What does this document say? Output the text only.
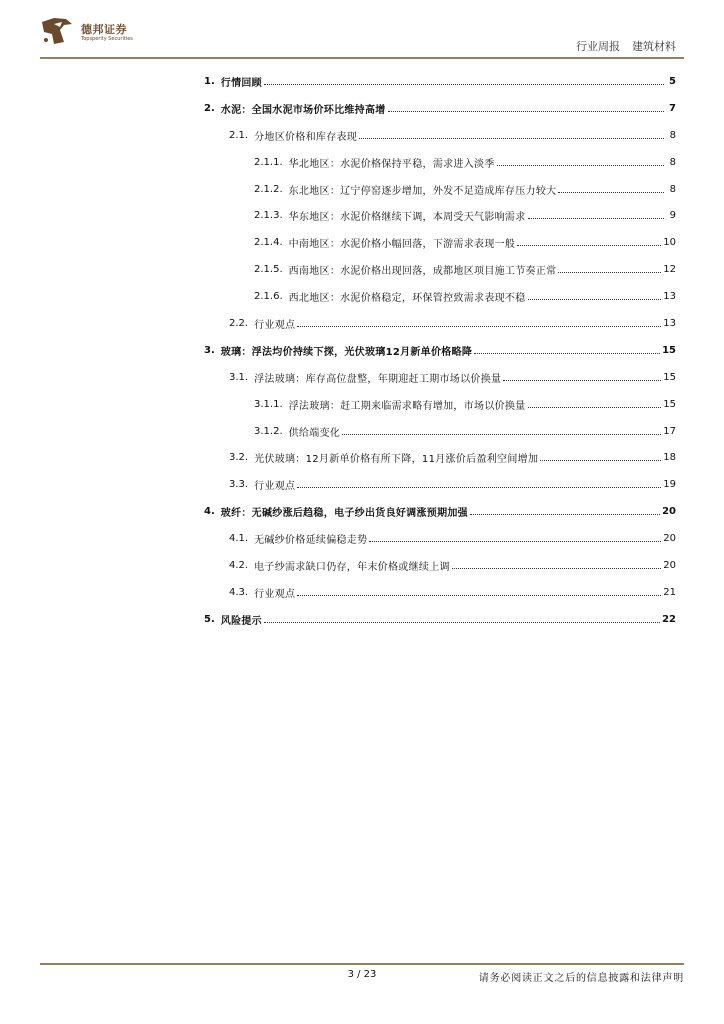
德邦证券
Topsperity Securities
行业周报 建筑材料
1. 行情回顾	5
2. 水泥：全国水泥市场价环比维持高增	7
2.1. 分地区价格和库存表现	8
2.1.1. 华北地区：水泥价格保持平稳，需求进入淡季	8
2.1.2. 东北地区：辽宁停窑逐步增加，外发不足造成库存压力较大	8
2.1.3. 华东地区：水泥价格继续下调，本周受天气影响需求	9
2.1.4. 中南地区：水泥价格小幅回落，下游需求表现一般	10
2.1.5. 西南地区：水泥价格出现回落，成都地区项目施工节奏正常	12
2.1.6. 西北地区：水泥价格稳定，环保管控致需求表现不稳	13
2.2. 行业观点	13
3. 玻璃：浮法均价持续下探，光伏玻璃12月新单价格略降	15
3.1. 浮法玻璃：库存高位盘整，年期迎赶工期市场以价换量	15
3.1.1. 浮法玻璃：赶工期来临需求略有增加，市场以价换量	15
3.1.2. 供给端变化	17
3.2. 光伏玻璃：12月新单价格有所下降，11月涨价后盈利空间增加	18
3.3. 行业观点	19
4. 玻纤：无碱纱涨后趋稳，电子纱出货良好调涨预期加强	20
4.1. 无碱纱价格延续偏稳走势	20
4.2. 电子纱需求缺口仍存，年末价格或继续上调	20
4.3. 行业观点	21
5. 风险提示	22
3 / 23	请务必阅读正文之后的信息披露和法律声明
